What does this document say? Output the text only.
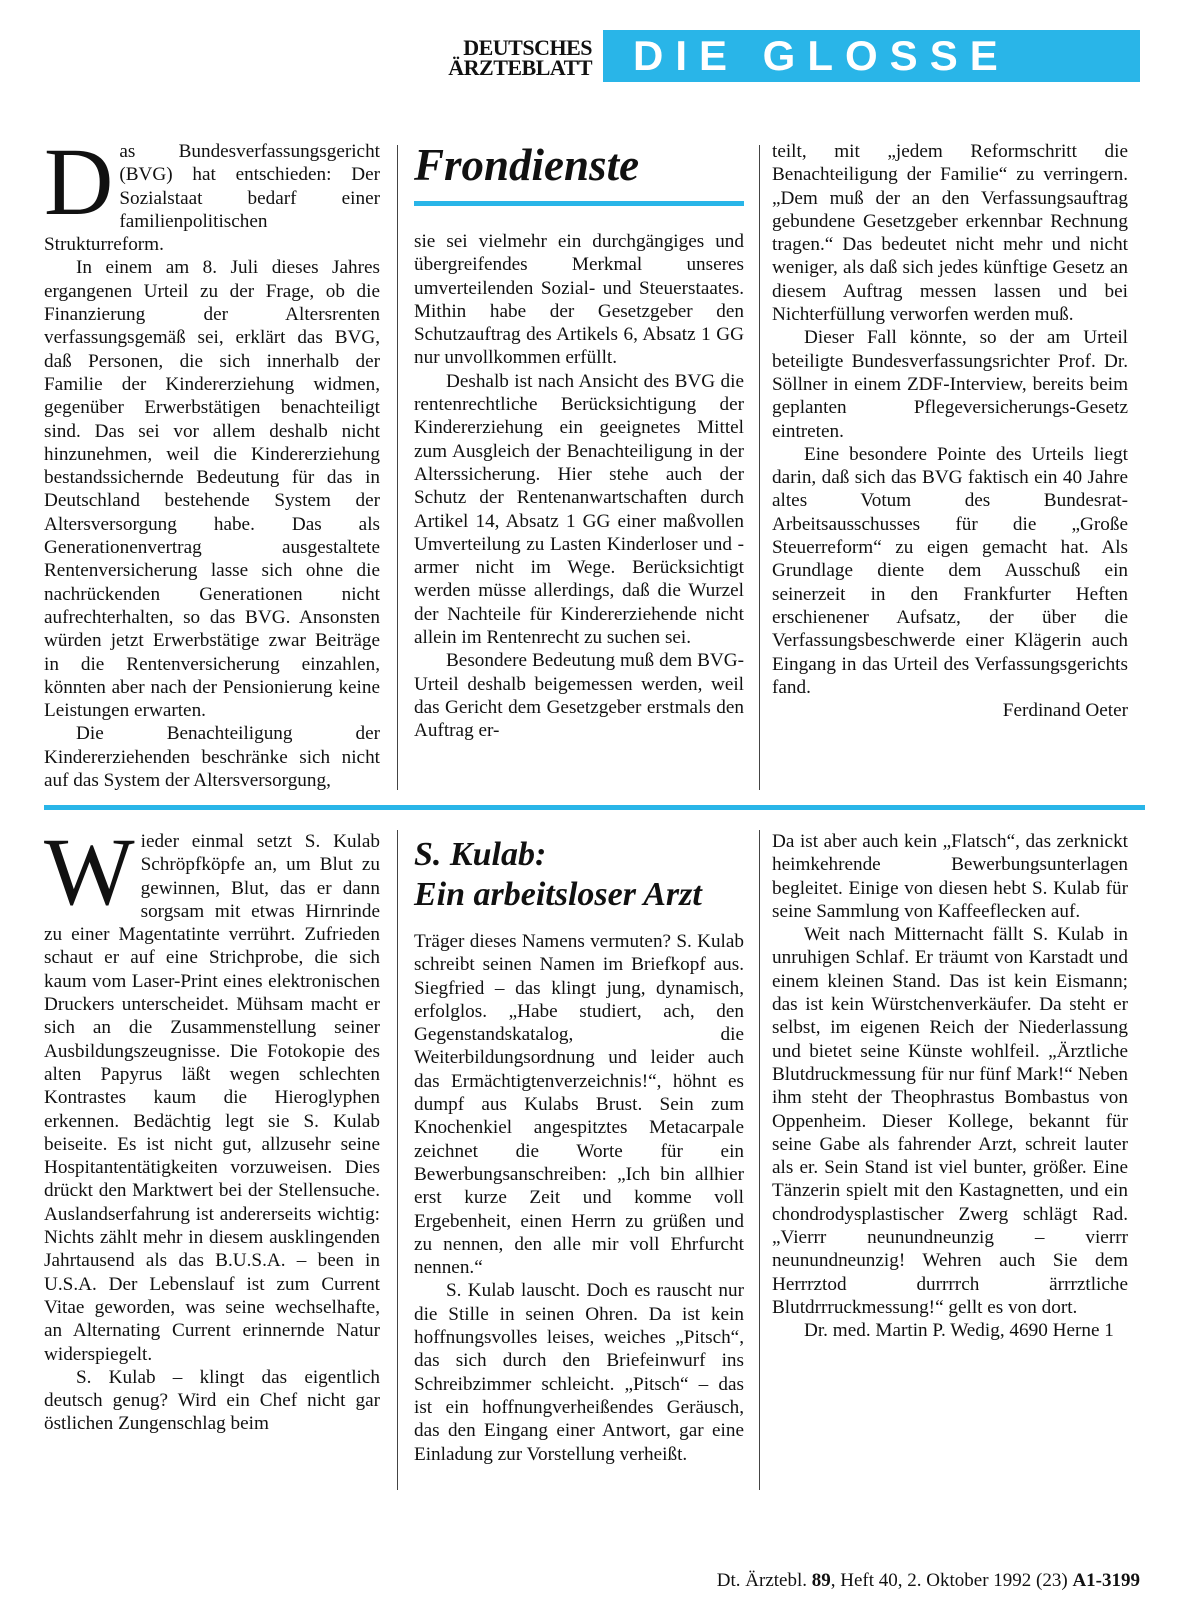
DEUTSCHES
ÄRZTEBLATT DIE GLOSSE

Das Bundesverfassungsgericht (BVG) hat entschieden: Der Sozialstaat bedarf einer familienpolitischen Strukturreform.

In einem am 8. Juli dieses Jahres ergangenen Urteil zu der Frage, ob die Finanzierung der Altersrenten verfassungsgemäß sei, erklärt das BVG, daß Personen, die sich innerhalb der Familie der Kindererziehung widmen, gegenüber Erwerbstätigen benachteiligt sind. Das sei vor allem deshalb nicht hinzunehmen, weil die Kindererziehung bestandssichernde Bedeutung für das in Deutschland bestehende System der Altersversorgung habe. Das als Generationenvertrag ausgestaltete Rentenversicherung lasse sich ohne die nachrückenden Generationen nicht aufrechterhalten, so das BVG. Ansonsten würden jetzt Erwerbstätige zwar Beiträge in die Rentenversicherung einzahlen, könnten aber nach der Pensionierung keine Leistungen erwarten.

Die Benachteiligung der Kindererziehenden beschränke sich nicht auf das System der Altersversorgung,

Frondienste

sie sei vielmehr ein durchgängiges und übergreifendes Merkmal unseres umverteilenden Sozial- und Steuerstaates. Mithin habe der Gesetzgeber den Schutzauftrag des Artikels 6, Absatz 1 GG nur unvollkommen erfüllt.

Deshalb ist nach Ansicht des BVG die rentenrechtliche Berücksichtigung der Kindererziehung ein geeignetes Mittel zum Ausgleich der Benachteiligung in der Alterssicherung. Hier stehe auch der Schutz der Rentenanwartschaften durch Artikel 14, Absatz 1 GG einer maßvollen Umverteilung zu Lasten Kinderloser und -armer nicht im Wege. Berücksichtigt werden müsse allerdings, daß die Wurzel der Nachteile für Kindererziehende nicht allein im Rentenrecht zu suchen sei.

Besondere Bedeutung muß dem BVG-Urteil deshalb beigemessen werden, weil das Gericht dem Gesetzgeber erstmals den Auftrag er-

teilt, mit „jedem Reformschritt die Benachteiligung der Familie“ zu verringern. „Dem muß der an den Verfassungsauftrag gebundene Gesetzgeber erkennbar Rechnung tragen.“ Das bedeutet nicht mehr und nicht weniger, als daß sich jedes künftige Gesetz an diesem Auftrag messen lassen und bei Nichterfüllung verworfen werden muß.

Dieser Fall könnte, so der am Urteil beteiligte Bundesverfassungsrichter Prof. Dr. Söllner in einem ZDF-Interview, bereits beim geplanten Pflegeversicherungs-Gesetz eintreten.

Eine besondere Pointe des Urteils liegt darin, daß sich das BVG faktisch ein 40 Jahre altes Votum des Bundesrat-Arbeitsausschusses für die „Große Steuerreform“ zu eigen gemacht hat. Als Grundlage diente dem Ausschuß ein seinerzeit in den Frankfurter Heften erschienener Aufsatz, der über die Verfassungsbeschwerde einer Klägerin auch Eingang in das Urteil des Verfassungsgerichts fand.

Ferdinand Oeter

Wieder einmal setzt S. Kulab Schröpfköpfe an, um Blut zu gewinnen, Blut, das er dann sorgsam mit etwas Hirnrinde zu einer Magentatinte verrührt. Zufrieden schaut er auf eine Strichprobe, die sich kaum vom Laser-Print eines elektronischen Druckers unterscheidet. Mühsam macht er sich an die Zusammenstellung seiner Ausbildungszeugnisse. Die Fotokopie des alten Papyrus läßt wegen schlechten Kontrastes kaum die Hieroglyphen erkennen. Bedächtig legt sie S. Kulab beiseite. Es ist nicht gut, allzusehr seine Hospitantentätigkeiten vorzuweisen. Dies drückt den Marktwert bei der Stellensuche. Auslandserfahrung ist andererseits wichtig: Nichts zählt mehr in diesem ausklingenden Jahrtausend als das B.U.S.A. – been in U.S.A. Der Lebenslauf ist zum Current Vitae geworden, was seine wechselhafte, an Alternating Current erinnernde Natur widerspiegelt.

S. Kulab – klingt das eigentlich deutsch genug? Wird ein Chef nicht gar östlichen Zungenschlag beim

S. Kulab:
Ein arbeitsloser Arzt

Träger dieses Namens vermuten? S. Kulab schreibt seinen Namen im Briefkopf aus. Siegfried – das klingt jung, dynamisch, erfolglos. „Habe studiert, ach, den Gegenstandskatalog, die Weiterbildungsordnung und leider auch das Ermächtigtenverzeichnis!“, höhnt es dumpf aus Kulabs Brust. Sein zum Knochenkiel angespitztes Metacarpale zeichnet die Worte für ein Bewerbungsanschreiben: „Ich bin allhier erst kurze Zeit und komme voll Ergebenheit, einen Herrn zu grüßen und zu nennen, den alle mir voll Ehrfurcht nennen.“

S. Kulab lauscht. Doch es rauscht nur die Stille in seinen Ohren. Da ist kein hoffnungsvolles leises, weiches „Pitsch“, das sich durch den Briefeinwurf ins Schreibzimmer schleicht. „Pitsch“ – das ist ein hoffnungverheißendes Geräusch, das den Eingang einer Antwort, gar eine Einladung zur Vorstellung verheißt.

Da ist aber auch kein „Flatsch“, das zerknickt heimkehrende Bewerbungsunterlagen begleitet. Einige von diesen hebt S. Kulab für seine Sammlung von Kaffeeflecken auf.

Weit nach Mitternacht fällt S. Kulab in unruhigen Schlaf. Er träumt von Karstadt und einem kleinen Stand. Das ist kein Eismann; das ist kein Würstchenverkäufer. Da steht er selbst, im eigenen Reich der Niederlassung und bietet seine Künste wohlfeil. „Ärztliche Blutdruckmessung für nur fünf Mark!“ Neben ihm steht der Theophrastus Bombastus von Oppenheim. Dieser Kollege, bekannt für seine Gabe als fahrender Arzt, schreit lauter als er. Sein Stand ist viel bunter, größer. Eine Tänzerin spielt mit den Kastagnetten, und ein chondrodysplastischer Zwerg schlägt Rad. „Vierrr neunundneunzig – vierrr neunundneunzig! Wehren auch Sie dem Herrrztod durrrrch ärrrztliche Blutdrrruckmessung!“ gellt es von dort.

Dr. med. Martin P. Wedig, 4690 Herne 1

Dt. Ärztebl. 89, Heft 40, 2. Oktober 1992 (23) A1-3199
